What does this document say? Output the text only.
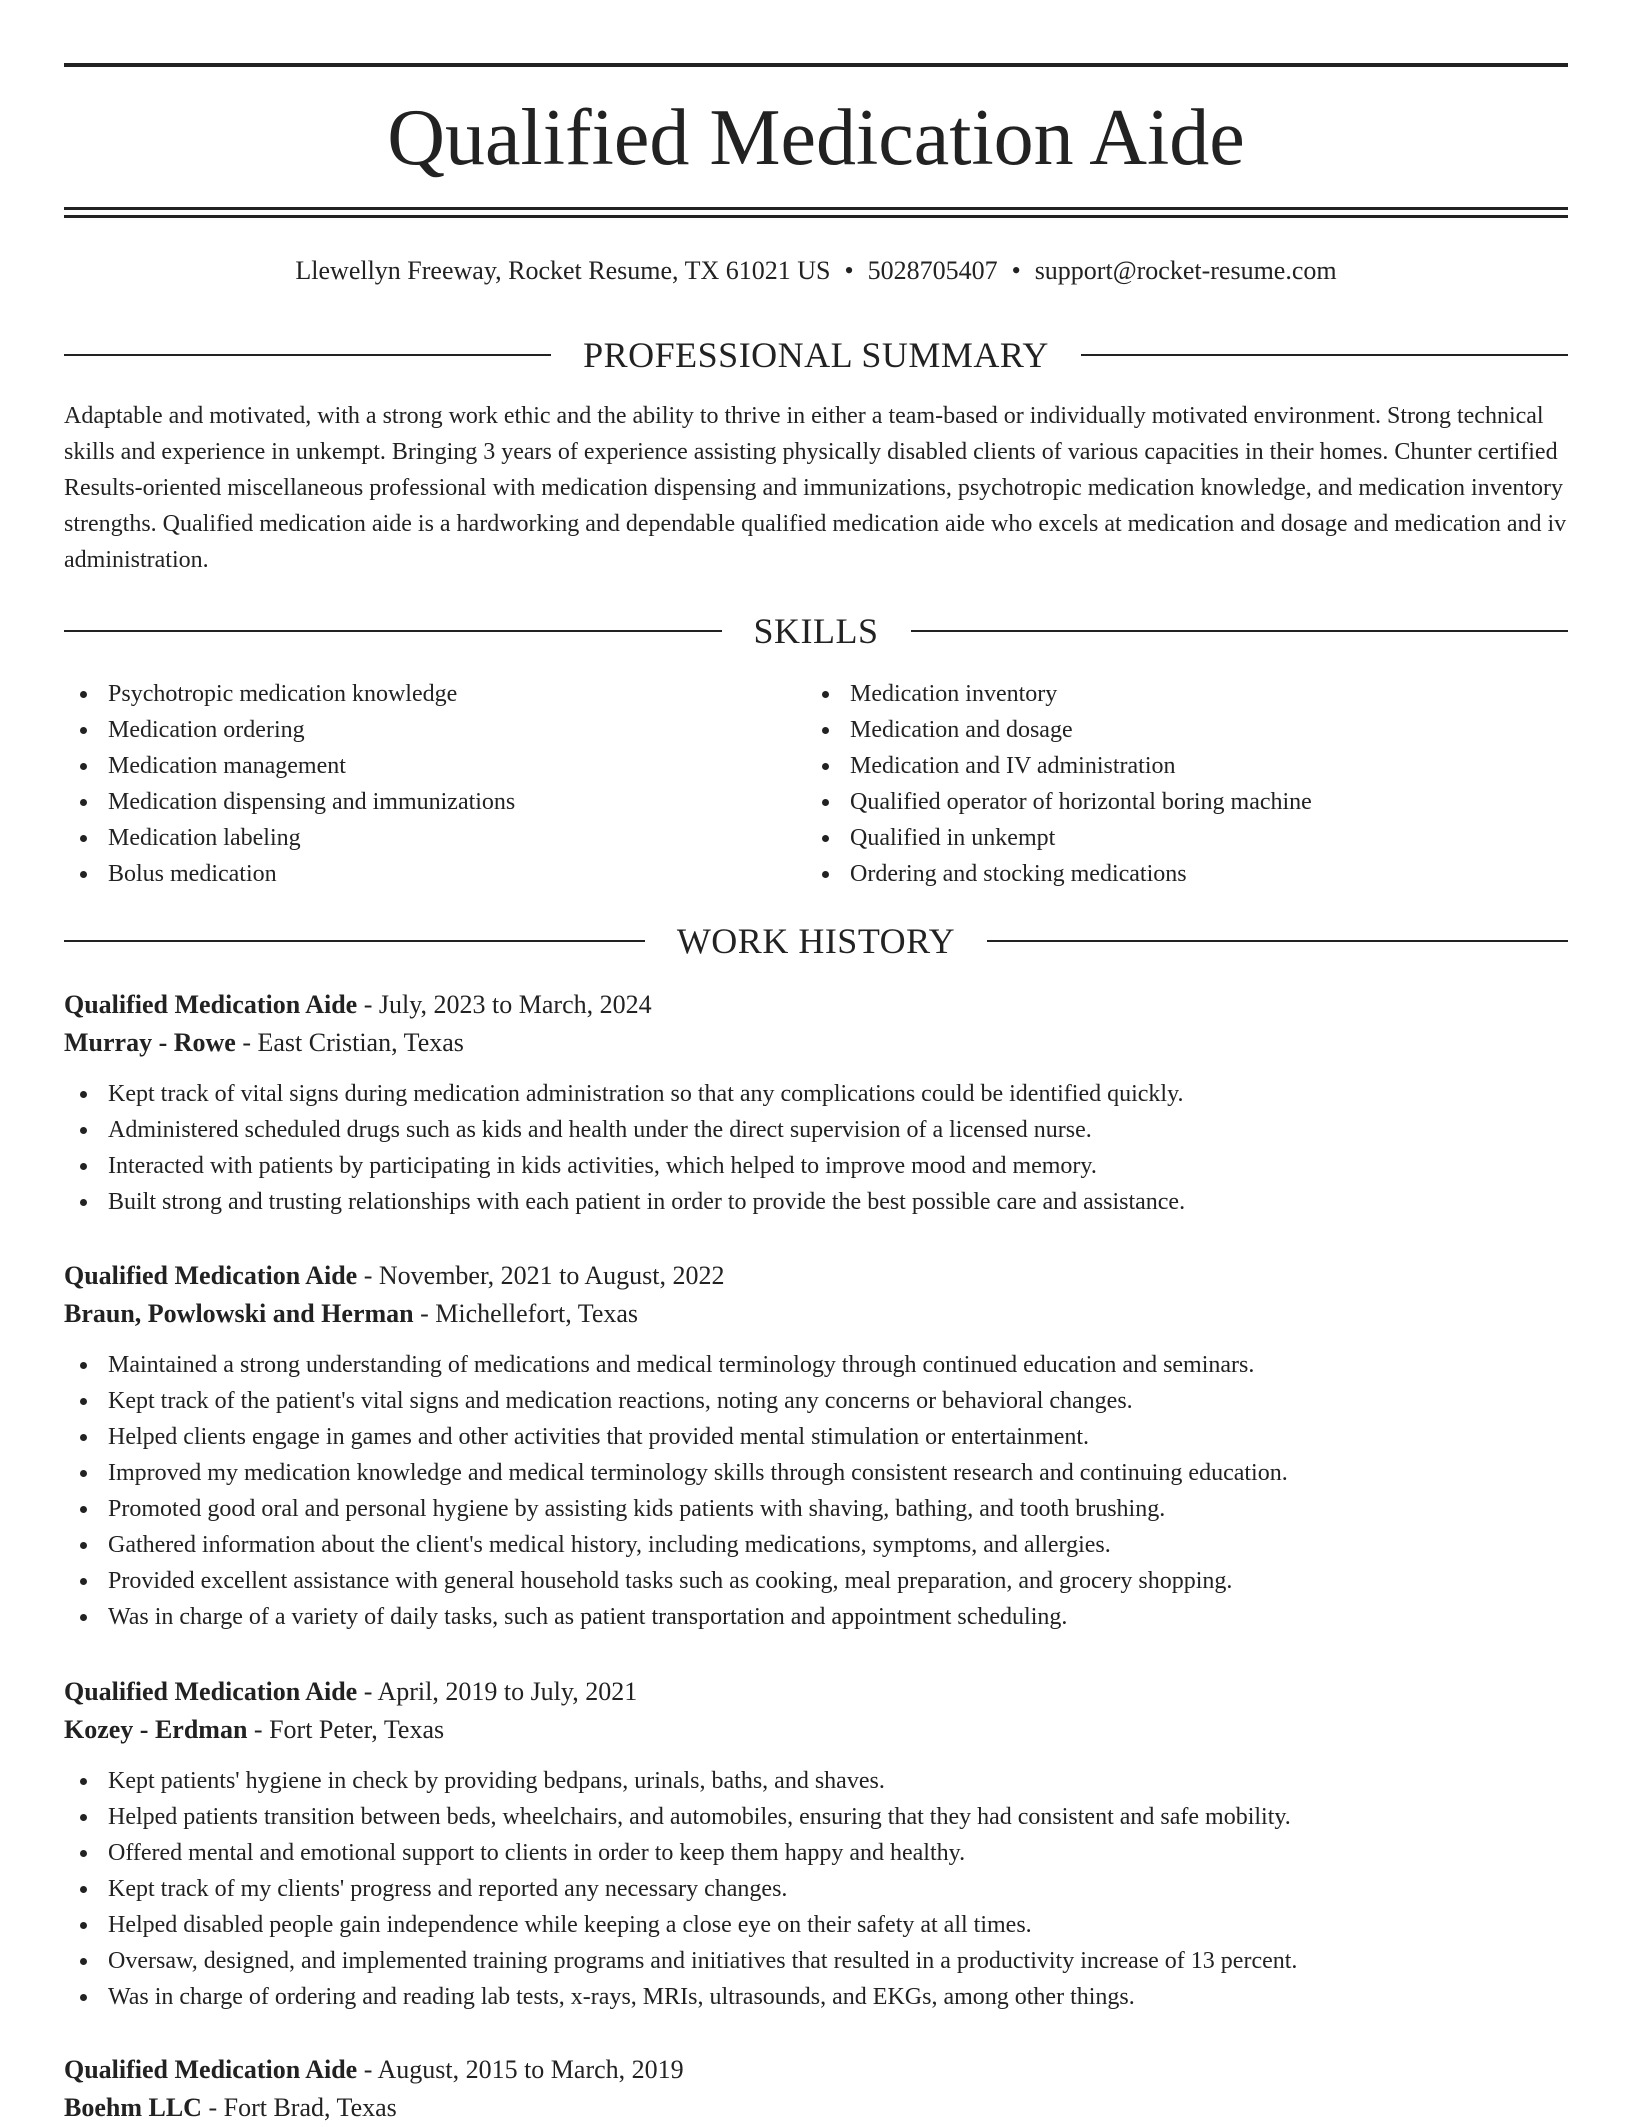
Qualified Medication Aide
Llewellyn Freeway, Rocket Resume, TX 61021 US • 5028705407 • support@rocket-resume.com
PROFESSIONAL SUMMARY

Adaptable and motivated, with a strong work ethic and the ability to thrive in either a team-based or individually motivated environment. Strong technical skills and experience in unkempt. Bringing 3 years of experience assisting physically disabled clients of various capacities in their homes. Chunter certified Results-oriented miscellaneous professional with medication dispensing and immunizations, psychotropic medication knowledge, and medication inventory strengths. Qualified medication aide is a hardworking and dependable qualified medication aide who excels at medication and dosage and medication and iv administration.

SKILLS
Psychotropic medication knowledge
Medication ordering
Medication management
Medication dispensing and immunizations
Medication labeling
Bolus medication
Medication inventory
Medication and dosage
Medication and IV administration
Qualified operator of horizontal boring machine
Qualified in unkempt
Ordering and stocking medications
WORK HISTORY
Qualified Medication Aide - July, 2023 to March, 2024
Murray - Rowe - East Cristian, Texas
Kept track of vital signs during medication administration so that any complications could be identified quickly.
Administered scheduled drugs such as kids and health under the direct supervision of a licensed nurse.
Interacted with patients by participating in kids activities, which helped to improve mood and memory.
Built strong and trusting relationships with each patient in order to provide the best possible care and assistance.
Qualified Medication Aide - November, 2021 to August, 2022
Braun, Powlowski and Herman - Michellefort, Texas
Maintained a strong understanding of medications and medical terminology through continued education and seminars.
Kept track of the patient's vital signs and medication reactions, noting any concerns or behavioral changes.
Helped clients engage in games and other activities that provided mental stimulation or entertainment.
Improved my medication knowledge and medical terminology skills through consistent research and continuing education.
Promoted good oral and personal hygiene by assisting kids patients with shaving, bathing, and tooth brushing.
Gathered information about the client's medical history, including medications, symptoms, and allergies.
Provided excellent assistance with general household tasks such as cooking, meal preparation, and grocery shopping.
Was in charge of a variety of daily tasks, such as patient transportation and appointment scheduling.
Qualified Medication Aide - April, 2019 to July, 2021
Kozey - Erdman - Fort Peter, Texas
Kept patients' hygiene in check by providing bedpans, urinals, baths, and shaves.
Helped patients transition between beds, wheelchairs, and automobiles, ensuring that they had consistent and safe mobility.
Offered mental and emotional support to clients in order to keep them happy and healthy.
Kept track of my clients' progress and reported any necessary changes.
Helped disabled people gain independence while keeping a close eye on their safety at all times.
Oversaw, designed, and implemented training programs and initiatives that resulted in a productivity increase of 13 percent.
Was in charge of ordering and reading lab tests, x-rays, MRIs, ultrasounds, and EKGs, among other things.
Qualified Medication Aide - August, 2015 to March, 2019
Boehm LLC - Fort Brad, Texas
